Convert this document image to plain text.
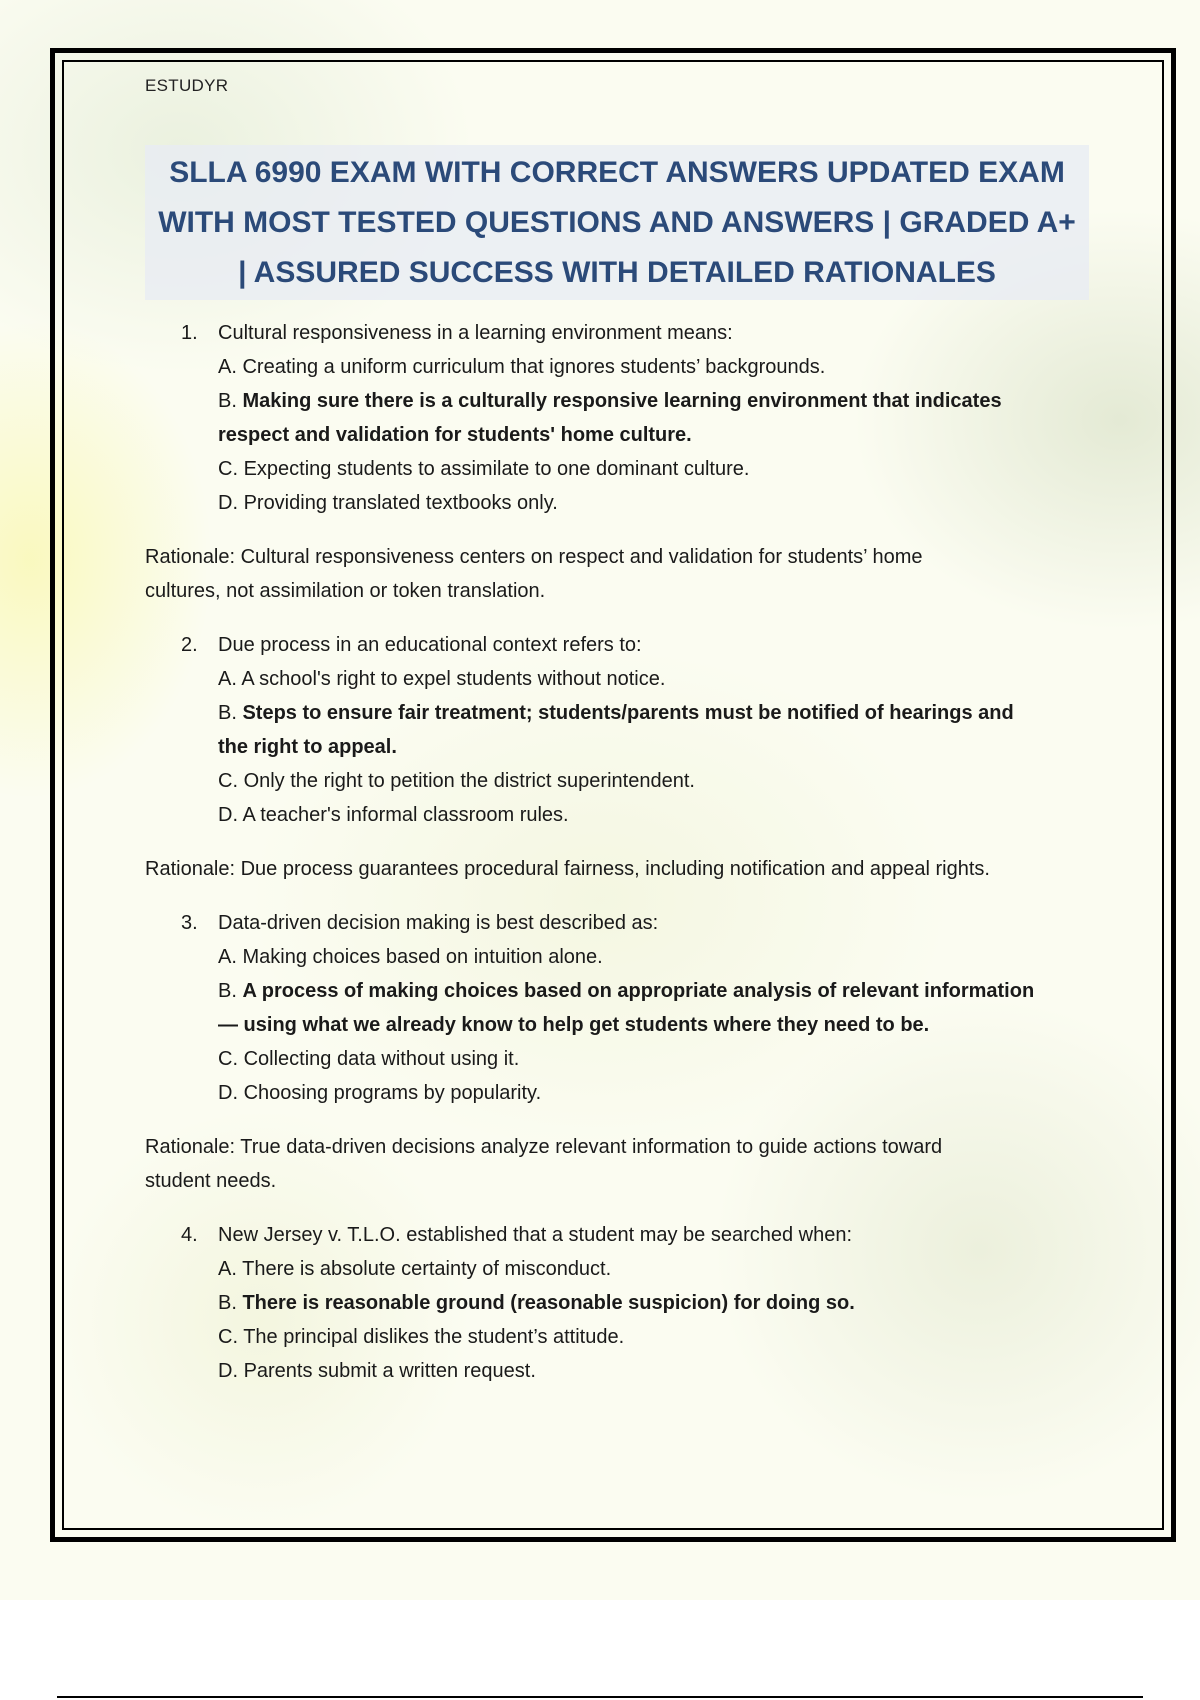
ESTUDYR
SLLA 6990 EXAM WITH CORRECT ANSWERS UPDATED EXAM
WITH MOST TESTED QUESTIONS AND ANSWERS | GRADED A+
| ASSURED SUCCESS WITH DETAILED RATIONALES
1.	Cultural responsiveness in a learning environment means:
A. Creating a uniform curriculum that ignores students’ backgrounds.
B. Making sure there is a culturally responsive learning environment that indicates
respect and validation for students' home culture.
C. Expecting students to assimilate to one dominant culture.
D. Providing translated textbooks only.
Rationale: Cultural responsiveness centers on respect and validation for students’ home
cultures, not assimilation or token translation.
2.	Due process in an educational context refers to:
A. A school's right to expel students without notice.
B. Steps to ensure fair treatment; students/parents must be notified of hearings and
the right to appeal.
C. Only the right to petition the district superintendent.
D. A teacher's informal classroom rules.
Rationale: Due process guarantees procedural fairness, including notification and appeal rights.
3.	Data-driven decision making is best described as:
A. Making choices based on intuition alone.
B. A process of making choices based on appropriate analysis of relevant information
— using what we already know to help get students where they need to be.
C. Collecting data without using it.
D. Choosing programs by popularity.
Rationale: True data-driven decisions analyze relevant information to guide actions toward
student needs.
4.	New Jersey v. T.L.O. established that a student may be searched when:
A. There is absolute certainty of misconduct.
B. There is reasonable ground (reasonable suspicion) for doing so.
C. The principal dislikes the student’s attitude.
D. Parents submit a written request.
